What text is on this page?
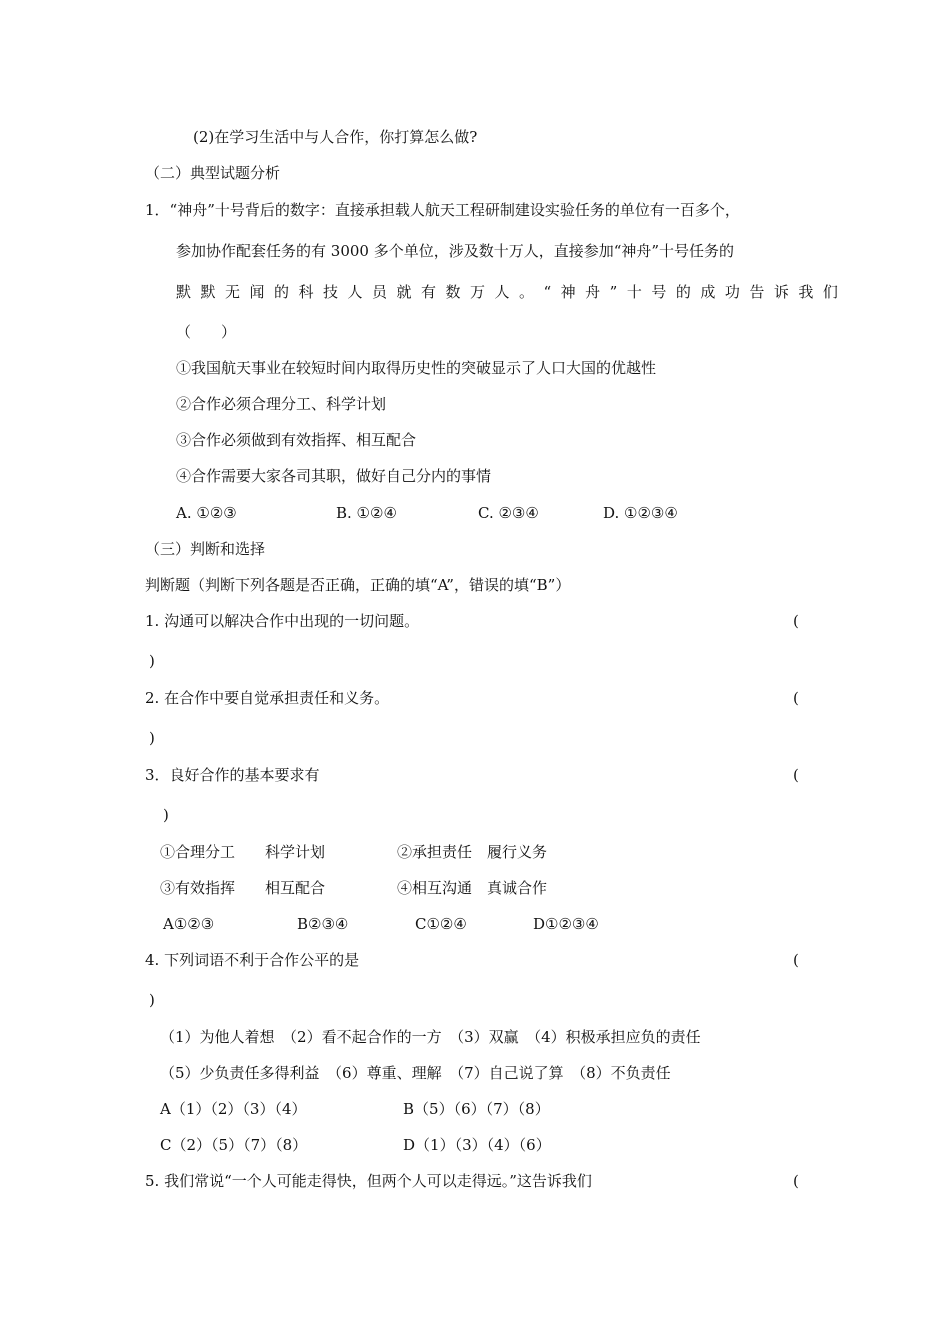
(2)在学习生活中与人合作，你打算怎么做?
（二）典型试题分析
1．“神舟”十号背后的数字：直接承担载人航天工程研制建设实验任务的单位有一百多个，
参加协作配套任务的有 3000 多个单位，涉及数十万人，直接参加“神舟”十号任务的
默默无闻的科技人员就有数万人。“神舟”十号的成功告诉我们
（　　）
①我国航天事业在较短时间内取得历史性的突破显示了人口大国的优越性
②合作必须合理分工、科学计划
③合作必须做到有效指挥、相互配合
④合作需要大家各司其职，做好自己分内的事情
A. ①②③	B. ①②④	C. ②③④	D. ①②③④
（三）判断和选择
判断题（判断下列各题是否正确，正确的填“A”，错误的填“B”）
1. 沟通可以解决合作中出现的一切问题。	(
)
2. 在合作中要自觉承担责任和义务。	(
)
3．良好合作的基本要求有	(
)
①合理分工　　科学计划	②承担责任　履行义务
③有效指挥　　相互配合	④相互沟通　真诚合作
A①②③	B②③④	C①②④	D①②③④
4. 下列词语不利于合作公平的是	(
)
（1）为他人着想　（2）看不起合作的一方　（3）双赢　（4）积极承担应负的责任
（5）少负责任多得利益　（6）尊重、理解　（7）自己说了算　（8）不负责任
A（1）（2）（3）（4）	B（5）（6）（7）（8）
C（2）（5）（7）（8）	D（1）（3）（4）（6）
5. 我们常说“一个人可能走得快，但两个人可以走得远。”这告诉我们	(
